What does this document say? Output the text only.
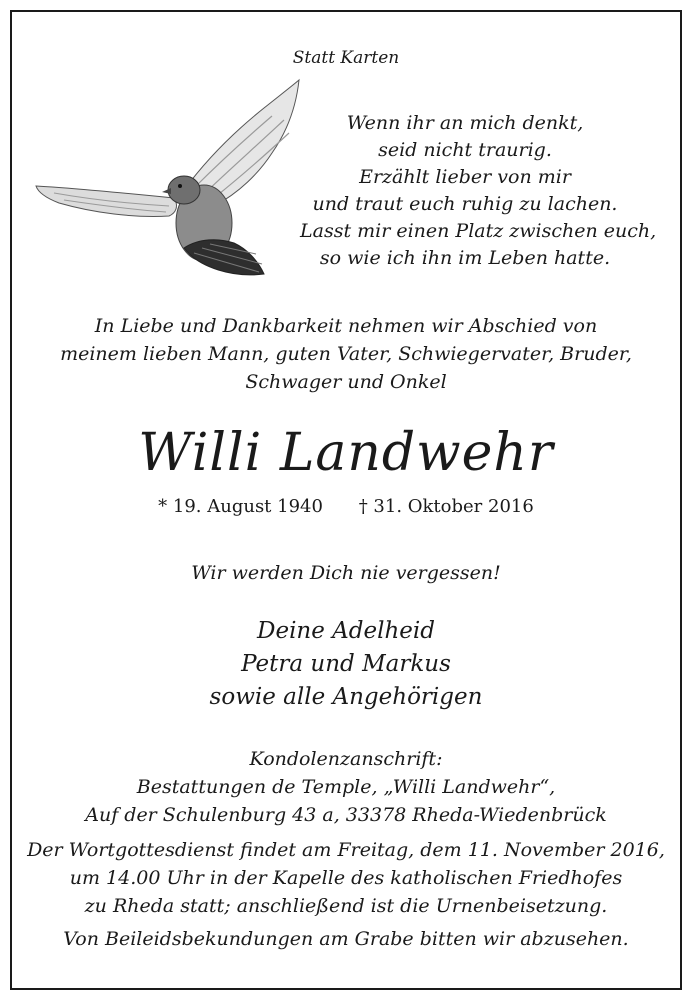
Statt Karten
Wenn ihr an mich denkt,
seid nicht traurig.
Erzählt lieber von mir
und traut euch ruhig zu lachen.
Lasst mir einen Platz zwischen euch,
so wie ich ihn im Leben hatte.
In Liebe und Dankbarkeit nehmen wir Abschied von
meinem lieben Mann, guten Vater, Schwiegervater, Bruder,
Schwager und Onkel
Willi Landwehr
* 19. August 1940 † 31. Oktober 2016
Wir werden Dich nie vergessen!
Deine Adelheid
Petra und Markus
sowie alle Angehörigen
Kondolenzanschrift:
Bestattungen de Temple, „Willi Landwehr“,
Auf der Schulenburg 43 a, 33378 Rheda-Wiedenbrück
Der Wortgottesdienst findet am Freitag, dem 11. November 2016,
um 14.00 Uhr in der Kapelle des katholischen Friedhofes
zu Rheda statt; anschließend ist die Urnenbeisetzung.
Von Beileidsbekundungen am Grabe bitten wir abzusehen.
